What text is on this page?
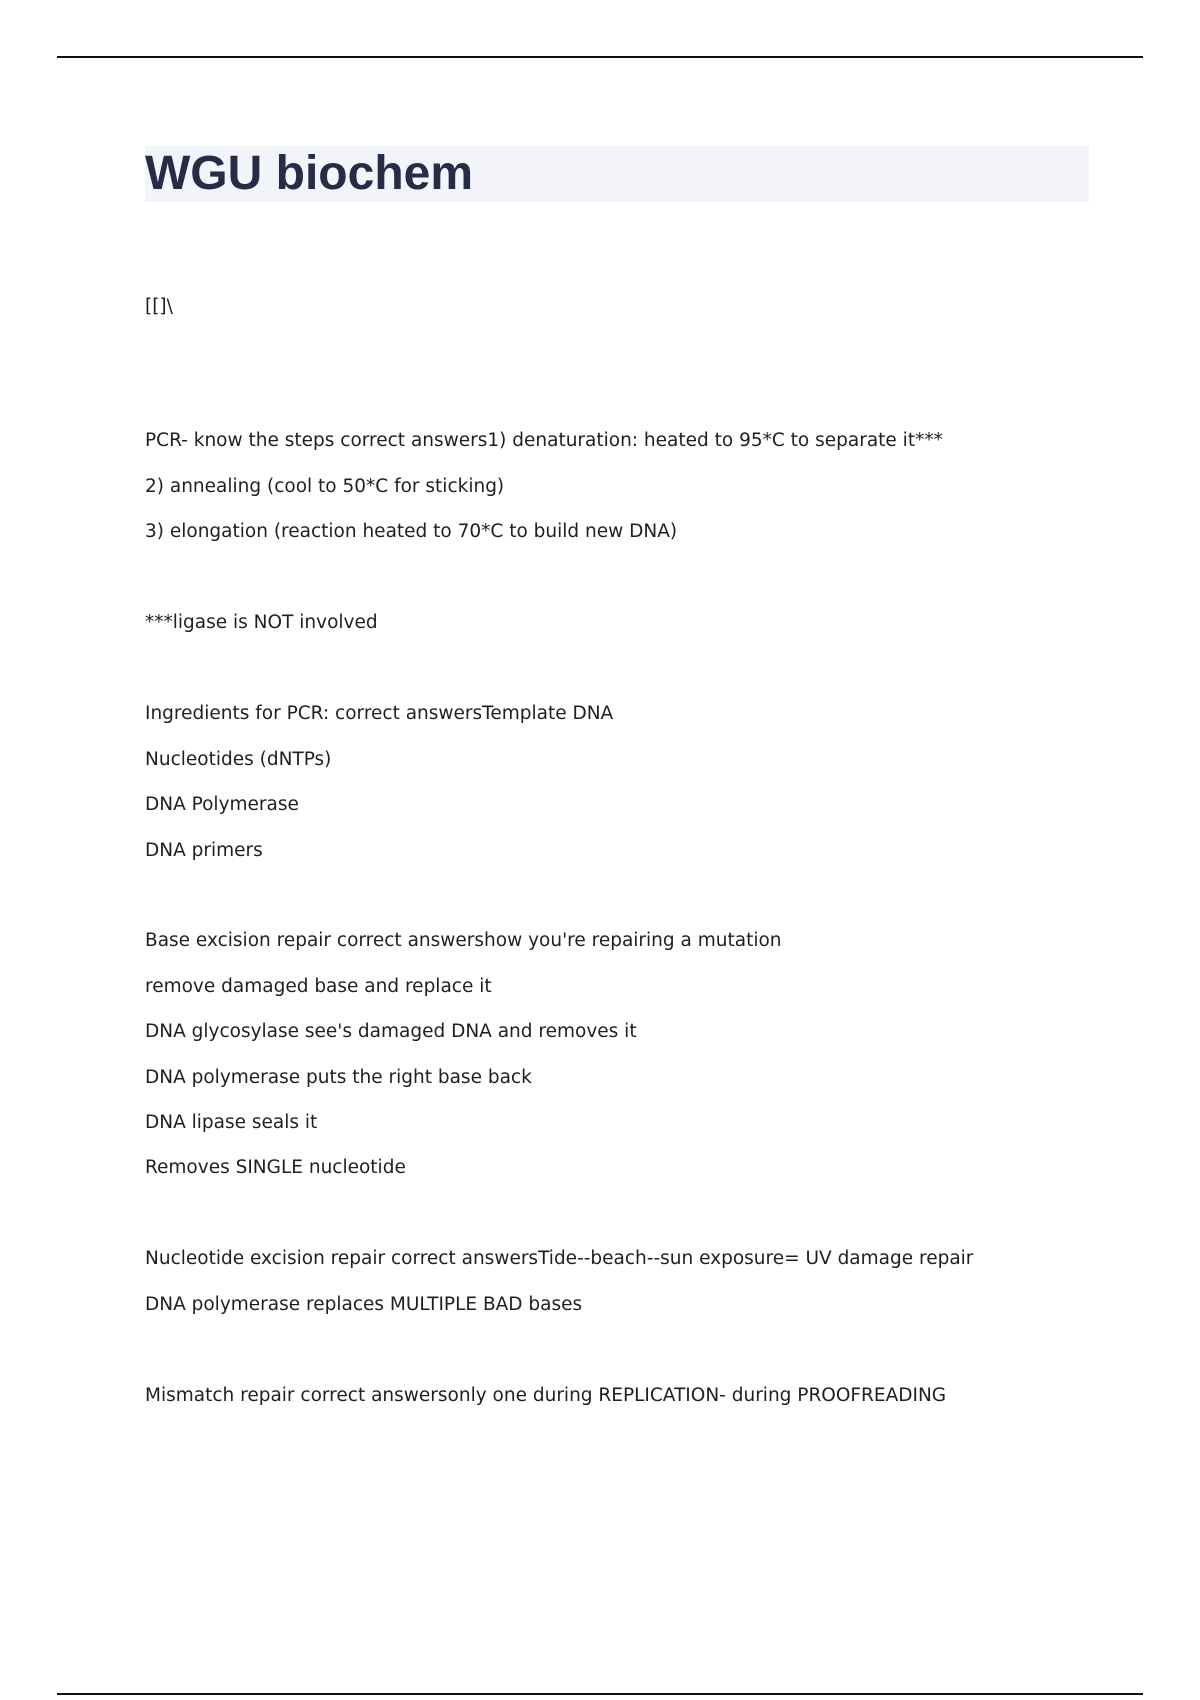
WGU biochem
[[]\
PCR- know the steps correct answers1) denaturation: heated to 95*C to separate it***
2) annealing (cool to 50*C for sticking)
3) elongation (reaction heated to 70*C to build new DNA)
***ligase is NOT involved
Ingredients for PCR: correct answersTemplate DNA
Nucleotides (dNTPs)
DNA Polymerase
DNA primers
Base excision repair correct answershow you're repairing a mutation
remove damaged base and replace it
DNA glycosylase see's damaged DNA and removes it
DNA polymerase puts the right base back
DNA lipase seals it
Removes SINGLE nucleotide
Nucleotide excision repair correct answersTide--beach--sun exposure= UV damage repair
DNA polymerase replaces MULTIPLE BAD bases
Mismatch repair correct answersonly one during REPLICATION- during PROOFREADING
